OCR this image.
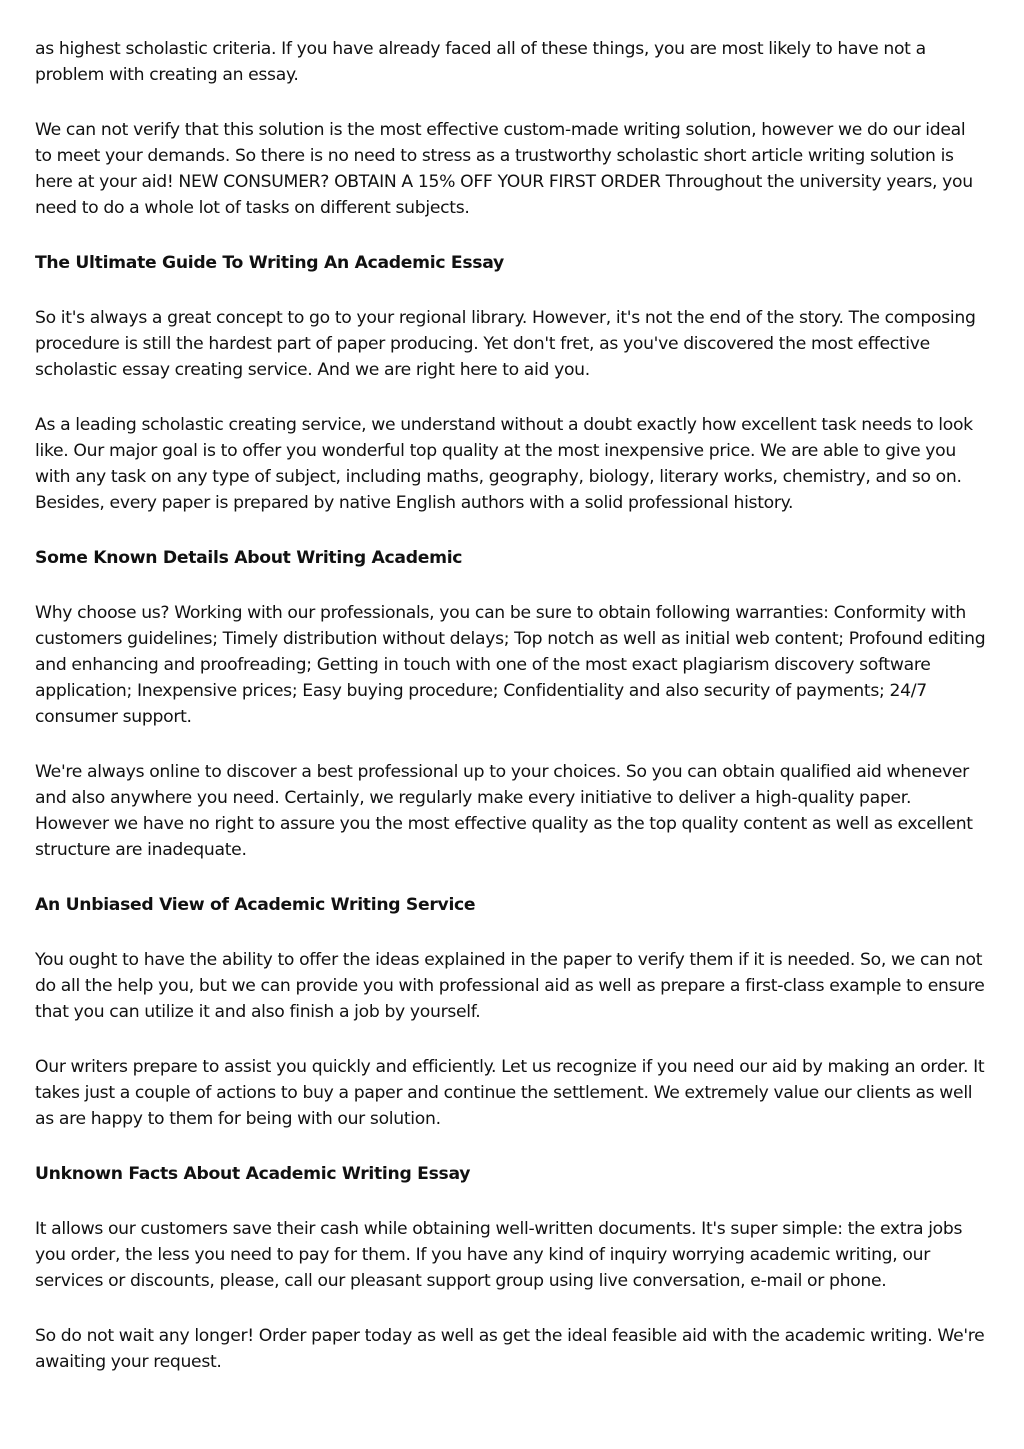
as highest scholastic criteria. If you have already faced all of these things, you are most likely to have not a problem with creating an essay.

We can not verify that this solution is the most effective custom-made writing solution, however we do our ideal to meet your demands. So there is no need to stress as a trustworthy scholastic short article writing solution is here at your aid! NEW CONSUMER? OBTAIN A 15% OFF YOUR FIRST ORDER Throughout the university years, you need to do a whole lot of tasks on different subjects.

The Ultimate Guide To Writing An Academic Essay

So it's always a great concept to go to your regional library. However, it's not the end of the story. The composing procedure is still the hardest part of paper producing. Yet don't fret, as you've discovered the most effective scholastic essay creating service. And we are right here to aid you.

As a leading scholastic creating service, we understand without a doubt exactly how excellent task needs to look like. Our major goal is to offer you wonderful top quality at the most inexpensive price. We are able to give you with any task on any type of subject, including maths, geography, biology, literary works, chemistry, and so on. Besides, every paper is prepared by native English authors with a solid professional history.

Some Known Details About Writing Academic

Why choose us? Working with our professionals, you can be sure to obtain following warranties: Conformity with customers guidelines; Timely distribution without delays; Top notch as well as initial web content; Profound editing and enhancing and proofreading; Getting in touch with one of the most exact plagiarism discovery software application; Inexpensive prices; Easy buying procedure; Confidentiality and also security of payments; 24/7 consumer support.

We're always online to discover a best professional up to your choices. So you can obtain qualified aid whenever and also anywhere you need. Certainly, we regularly make every initiative to deliver a high-quality paper. However we have no right to assure you the most effective quality as the top quality content as well as excellent structure are inadequate.

An Unbiased View of Academic Writing Service

You ought to have the ability to offer the ideas explained in the paper to verify them if it is needed. So, we can not do all the help you, but we can provide you with professional aid as well as prepare a first-class example to ensure that you can utilize it and also finish a job by yourself.

Our writers prepare to assist you quickly and efficiently. Let us recognize if you need our aid by making an order. It takes just a couple of actions to buy a paper and continue the settlement. We extremely value our clients as well as are happy to them for being with our solution.

Unknown Facts About Academic Writing Essay

It allows our customers save their cash while obtaining well-written documents. It's super simple: the extra jobs you order, the less you need to pay for them. If you have any kind of inquiry worrying academic writing, our services or discounts, please, call our pleasant support group using live conversation, e-mail or phone.

So do not wait any longer! Order paper today as well as get the ideal feasible aid with the academic writing. We're awaiting your request.
